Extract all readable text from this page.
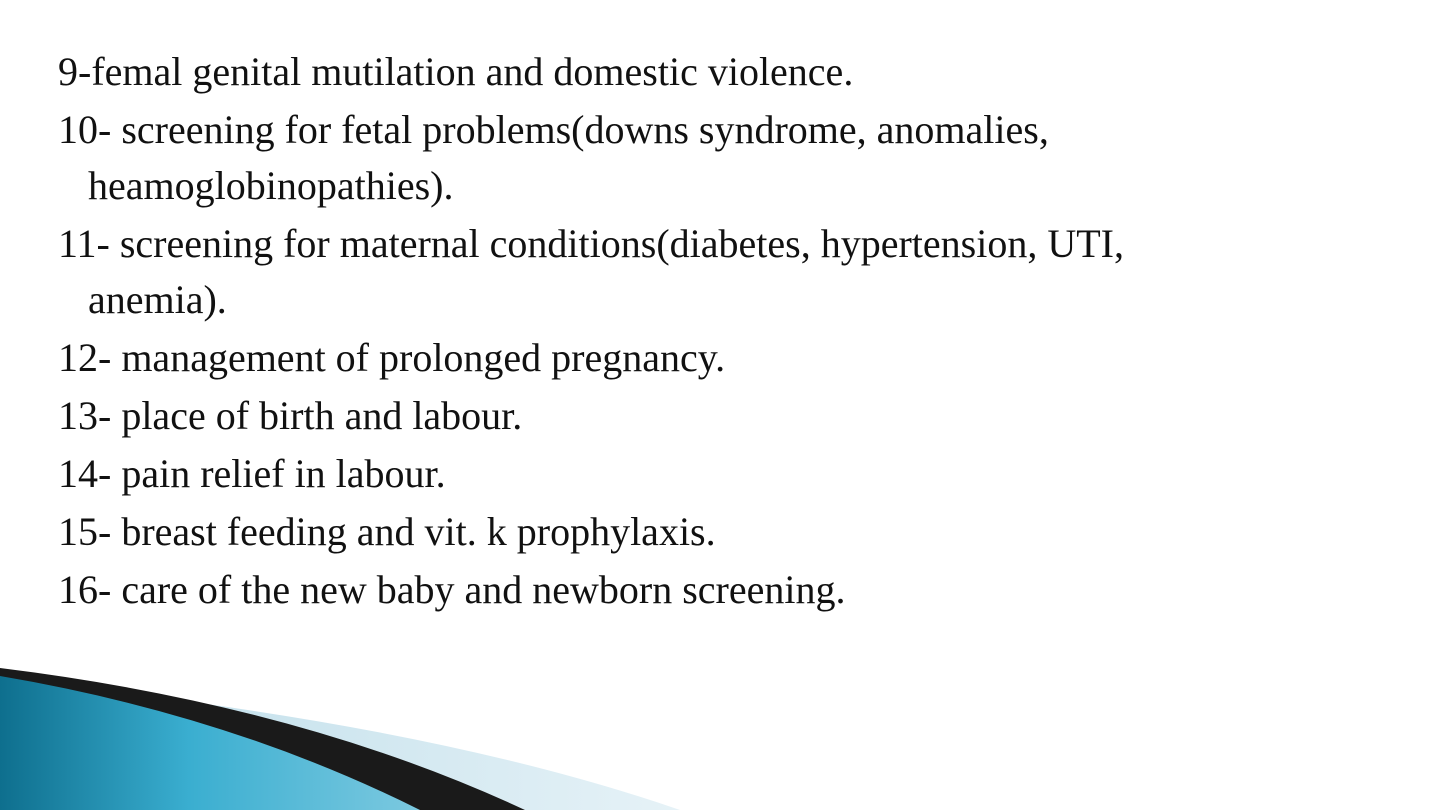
9-femal genital mutilation and domestic violence.
10- screening for fetal problems(downs syndrome, anomalies, heamoglobinopathies).
11- screening for maternal conditions(diabetes, hypertension, UTI, anemia).
12- management of prolonged pregnancy.
13- place of birth and labour.
14- pain relief in labour.
15- breast feeding and vit. k prophylaxis.
16- care of the new baby and newborn screening.
